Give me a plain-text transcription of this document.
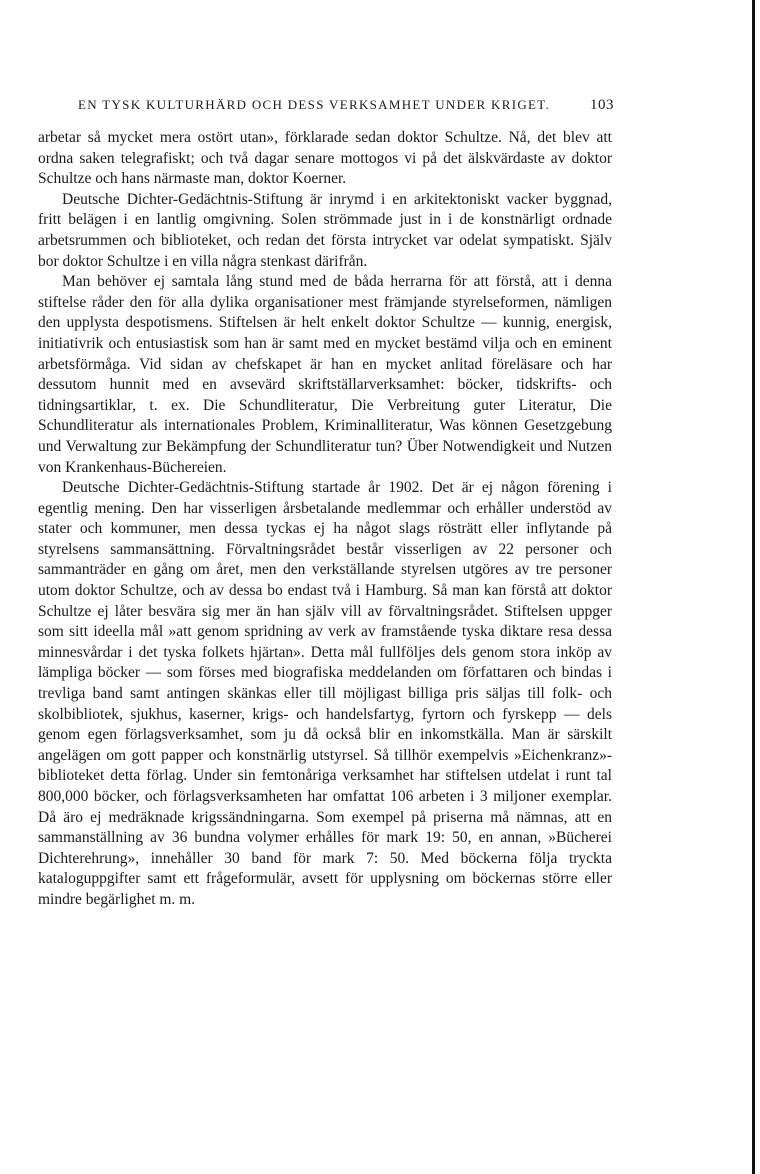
EN TYSK KULTURHÄRD OCH DESS VERKSAMHET UNDER KRIGET.	103

arbetar så mycket mera ostört utan», förklarade sedan doktor Schultze. Nå, det blev att ordna saken telegrafiskt; och två dagar senare mottogos vi på det älskvärdaste av doktor Schultze och hans närmaste man, doktor Koerner.

Deutsche Dichter-Gedächtnis-Stiftung är inrymd i en arkitektoniskt vacker byggnad, fritt belägen i en lantlig omgivning. Solen strömmade just in i de konstnärligt ordnade arbetsrummen och biblioteket, och redan det första intrycket var odelat sympatiskt. Själv bor doktor Schultze i en villa några stenkast därifrån.

Man behöver ej samtala lång stund med de båda herrarna för att förstå, att i denna stiftelse råder den för alla dylika organisationer mest främjande styrelseformen, nämligen den upplysta despotismens. Stiftelsen är helt enkelt doktor Schultze — kunnig, energisk, initiativrik och entusiastisk som han är samt med en mycket bestämd vilja och en eminent arbetsförmåga. Vid sidan av chefskapet är han en mycket anlitad föreläsare och har dessutom hunnit med en avsevärd skriftställarverksamhet: böcker, tidskrifts- och tidningsartiklar, t. ex. Die Schundliteratur, Die Verbreitung guter Literatur, Die Schundliteratur als internationales Problem, Kriminalliteratur, Was können Gesetzgebung und Verwaltung zur Bekämpfung der Schundliteratur tun? Über Notwendigkeit und Nutzen von Krankenhaus-Büchereien.

Deutsche Dichter-Gedächtnis-Stiftung startade år 1902. Det är ej någon förening i egentlig mening. Den har visserligen årsbetalande medlemmar och erhåller understöd av stater och kommuner, men dessa tyckas ej ha något slags rösträtt eller inflytande på styrelsens sammansättning. Förvaltningsrådet består visserligen av 22 personer och sammanträder en gång om året, men den verkställande styrelsen utgöres av tre personer utom doktor Schultze, och av dessa bo endast två i Hamburg. Så man kan förstå att doktor Schultze ej låter besvära sig mer än han själv vill av förvaltningsrådet. Stiftelsen uppger som sitt ideella mål »att genom spridning av verk av framstående tyska diktare resa dessa minnesvårdar i det tyska folkets hjärtan». Detta mål fullföljes dels genom stora inköp av lämpliga böcker — som förses med biografiska meddelanden om författaren och bindas i trevliga band samt antingen skänkas eller till möjligast billiga pris säljas till folk- och skolbibliotek, sjukhus, kaserner, krigs- och handelsfartyg, fyrtorn och fyrskepp — dels genom egen förlagsverksamhet, som ju då också blir en inkomstkälla. Man är särskilt angelägen om gott papper och konstnärlig utstyrsel. Så tillhör exempelvis »Eichenkranz»-biblioteket detta förlag. Under sin femtonåriga verksamhet har stiftelsen utdelat i runt tal 800,000 böcker, och förlagsverksamheten har omfattat 106 arbeten i 3 miljoner exemplar. Då äro ej medräknade krigssändningarna. Som exempel på priserna må nämnas, att en sammanställning av 36 bundna volymer erhålles för mark 19: 50, en annan, »Bücherei Dichterehrung», innehåller 30 band för mark 7: 50. Med böckerna följa tryckta kataloguppgifter samt ett frågeformulär, avsett för upplysning om böckernas större eller mindre begärlighet m. m.
